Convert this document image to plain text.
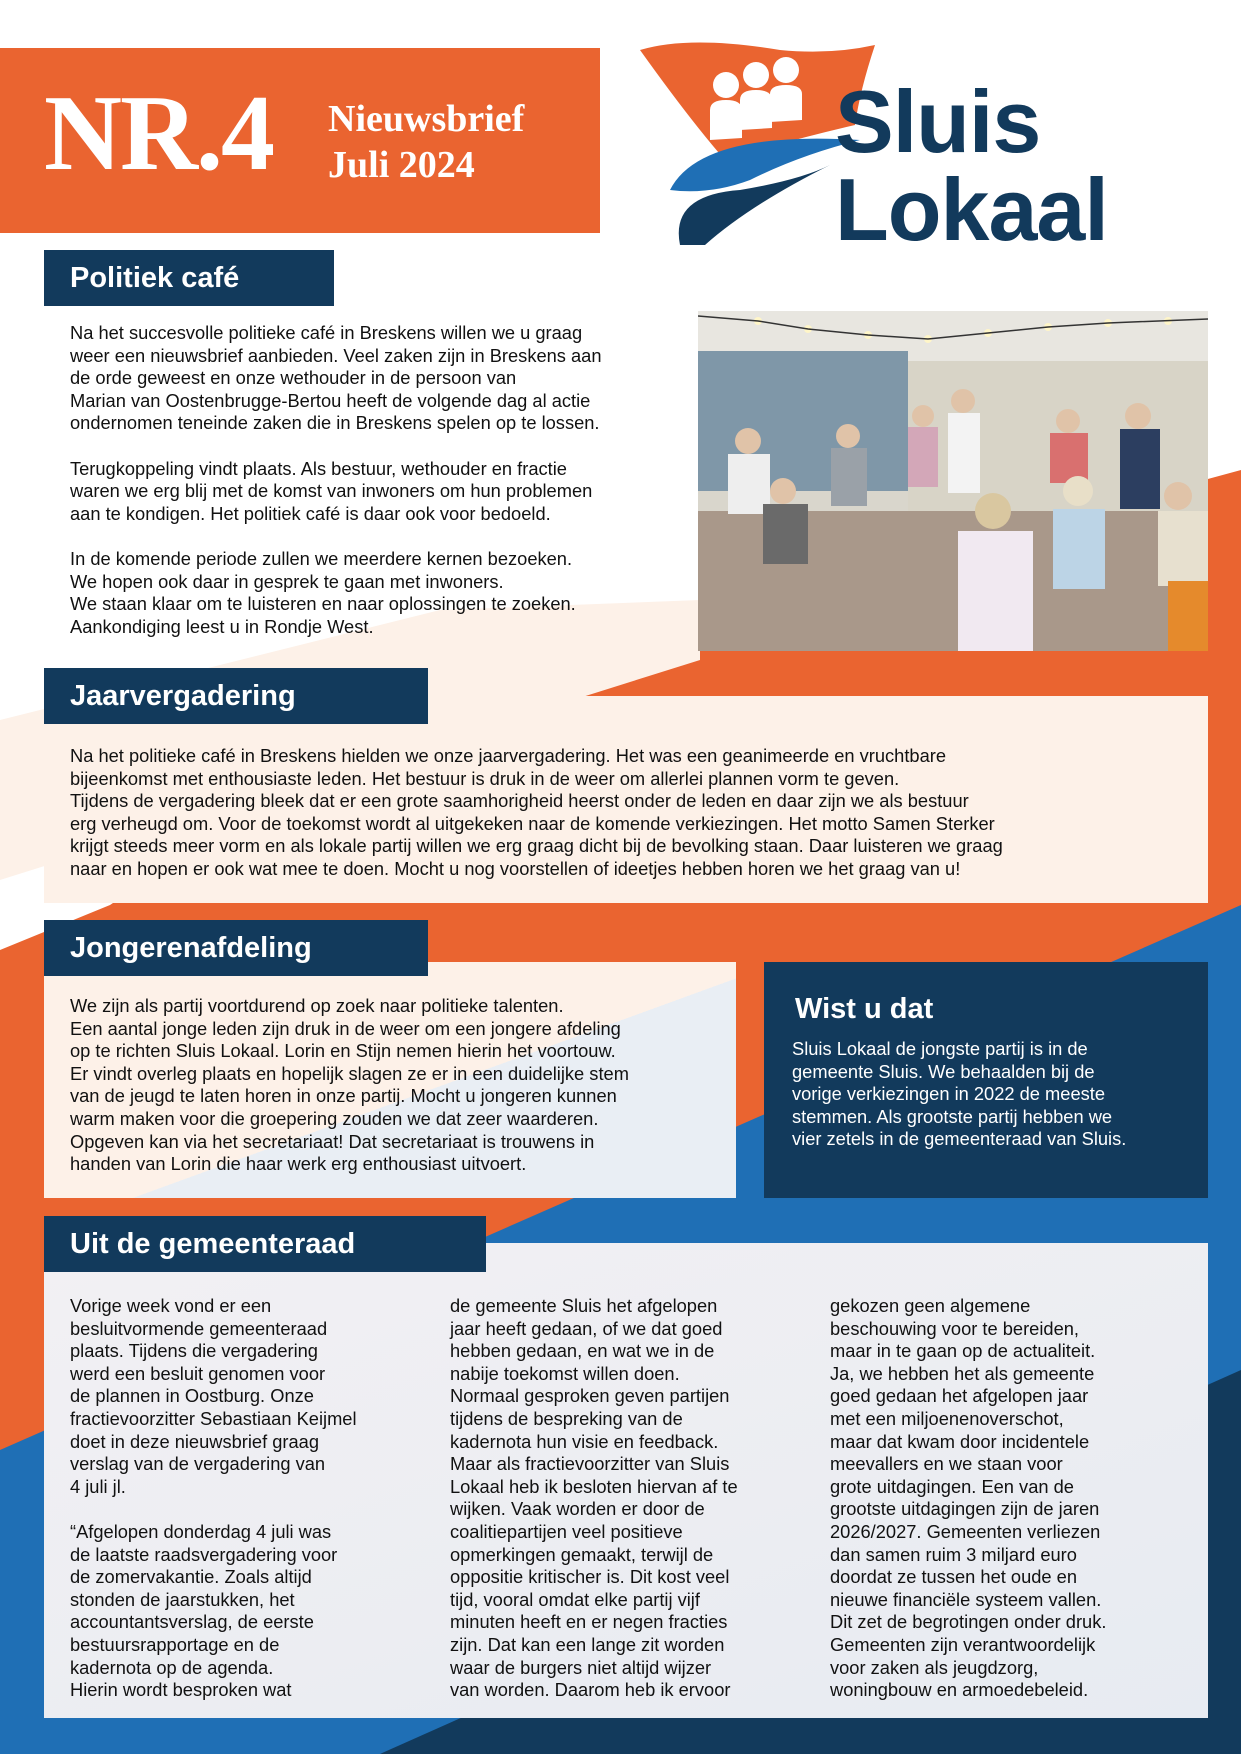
NR.4 Nieuwsbrief
Juli 2024	Sluis
Lokaal
Politiek café
Na het succesvolle politieke café in Breskens willen we u graag
weer een nieuwsbrief aanbieden. Veel zaken zijn in Breskens aan
de orde geweest en onze wethouder in de persoon van
Marian van Oostenbrugge-Bertou heeft de volgende dag al actie
ondernomen teneinde zaken die in Breskens spelen op te lossen.

Terugkoppeling vindt plaats. Als bestuur, wethouder en fractie
waren we erg blij met de komst van inwoners om hun problemen
aan te kondigen. Het politiek café is daar ook voor bedoeld.

In de komende periode zullen we meerdere kernen bezoeken.
We hopen ook daar in gesprek te gaan met inwoners.
We staan klaar om te luisteren en naar oplossingen te zoeken.
Aankondiging leest u in Rondje West.
Jaarvergadering
Na het politieke café in Breskens hielden we onze jaarvergadering. Het was een geanimeerde en vruchtbare
bijeenkomst met enthousiaste leden. Het bestuur is druk in de weer om allerlei plannen vorm te geven.
Tijdens de vergadering bleek dat er een grote saamhorigheid heerst onder de leden en daar zijn we als bestuur
erg verheugd om. Voor de toekomst wordt al uitgekeken naar de komende verkiezingen. Het motto Samen Sterker
krijgt steeds meer vorm en als lokale partij willen we erg graag dicht bij de bevolking staan. Daar luisteren we graag
naar en hopen er ook wat mee te doen. Mocht u nog voorstellen of ideetjes hebben horen we het graag van u!
Jongerenafdeling
We zijn als partij voortdurend op zoek naar politieke talenten.
Een aantal jonge leden zijn druk in de weer om een jongere afdeling
op te richten Sluis Lokaal. Lorin en Stijn nemen hierin het voortouw.
Er vindt overleg plaats en hopelijk slagen ze er in een duidelijke stem
van de jeugd te laten horen in onze partij. Mocht u jongeren kunnen
warm maken voor die groepering zouden we dat zeer waarderen.
Opgeven kan via het secretariaat! Dat secretariaat is trouwens in
handen van Lorin die haar werk erg enthousiast uitvoert.
Wist u dat
Sluis Lokaal de jongste partij is in de
gemeente Sluis. We behaalden bij de
vorige verkiezingen in 2022 de meeste
stemmen. Als grootste partij hebben we
vier zetels in de gemeenteraad van Sluis.
Uit de gemeenteraad
Vorige week vond er een
besluitvormende gemeenteraad
plaats. Tijdens die vergadering
werd een besluit genomen voor
de plannen in Oostburg. Onze
fractievoorzitter Sebastiaan Keijmel
doet in deze nieuwsbrief graag
verslag van de vergadering van
4 juli jl.

“Afgelopen donderdag 4 juli was
de laatste raadsvergadering voor
de zomervakantie. Zoals altijd
stonden de jaarstukken, het
accountantsverslag, de eerste
bestuursrapportage en de
kadernota op de agenda.
Hierin wordt besproken wat
de gemeente Sluis het afgelopen
jaar heeft gedaan, of we dat goed
hebben gedaan, en wat we in de
nabije toekomst willen doen.
Normaal gesproken geven partijen
tijdens de bespreking van de
kadernota hun visie en feedback.
Maar als fractievoorzitter van Sluis
Lokaal heb ik besloten hiervan af te
wijken. Vaak worden er door de
coalitiepartijen veel positieve
opmerkingen gemaakt, terwijl de
oppositie kritischer is. Dit kost veel
tijd, vooral omdat elke partij vijf
minuten heeft en er negen fracties
zijn. Dat kan een lange zit worden
waar de burgers niet altijd wijzer
van worden. Daarom heb ik ervoor
gekozen geen algemene
beschouwing voor te bereiden,
maar in te gaan op de actualiteit.
Ja, we hebben het als gemeente
goed gedaan het afgelopen jaar
met een miljoenenoverschot,
maar dat kwam door incidentele
meevallers en we staan voor
grote uitdagingen. Een van de
grootste uitdagingen zijn de jaren
2026/2027. Gemeenten verliezen
dan samen ruim 3 miljard euro
doordat ze tussen het oude en
nieuwe financiële systeem vallen.
Dit zet de begrotingen onder druk.
Gemeenten zijn verantwoordelijk
voor zaken als jeugdzorg,
woningbouw en armoedebeleid.
